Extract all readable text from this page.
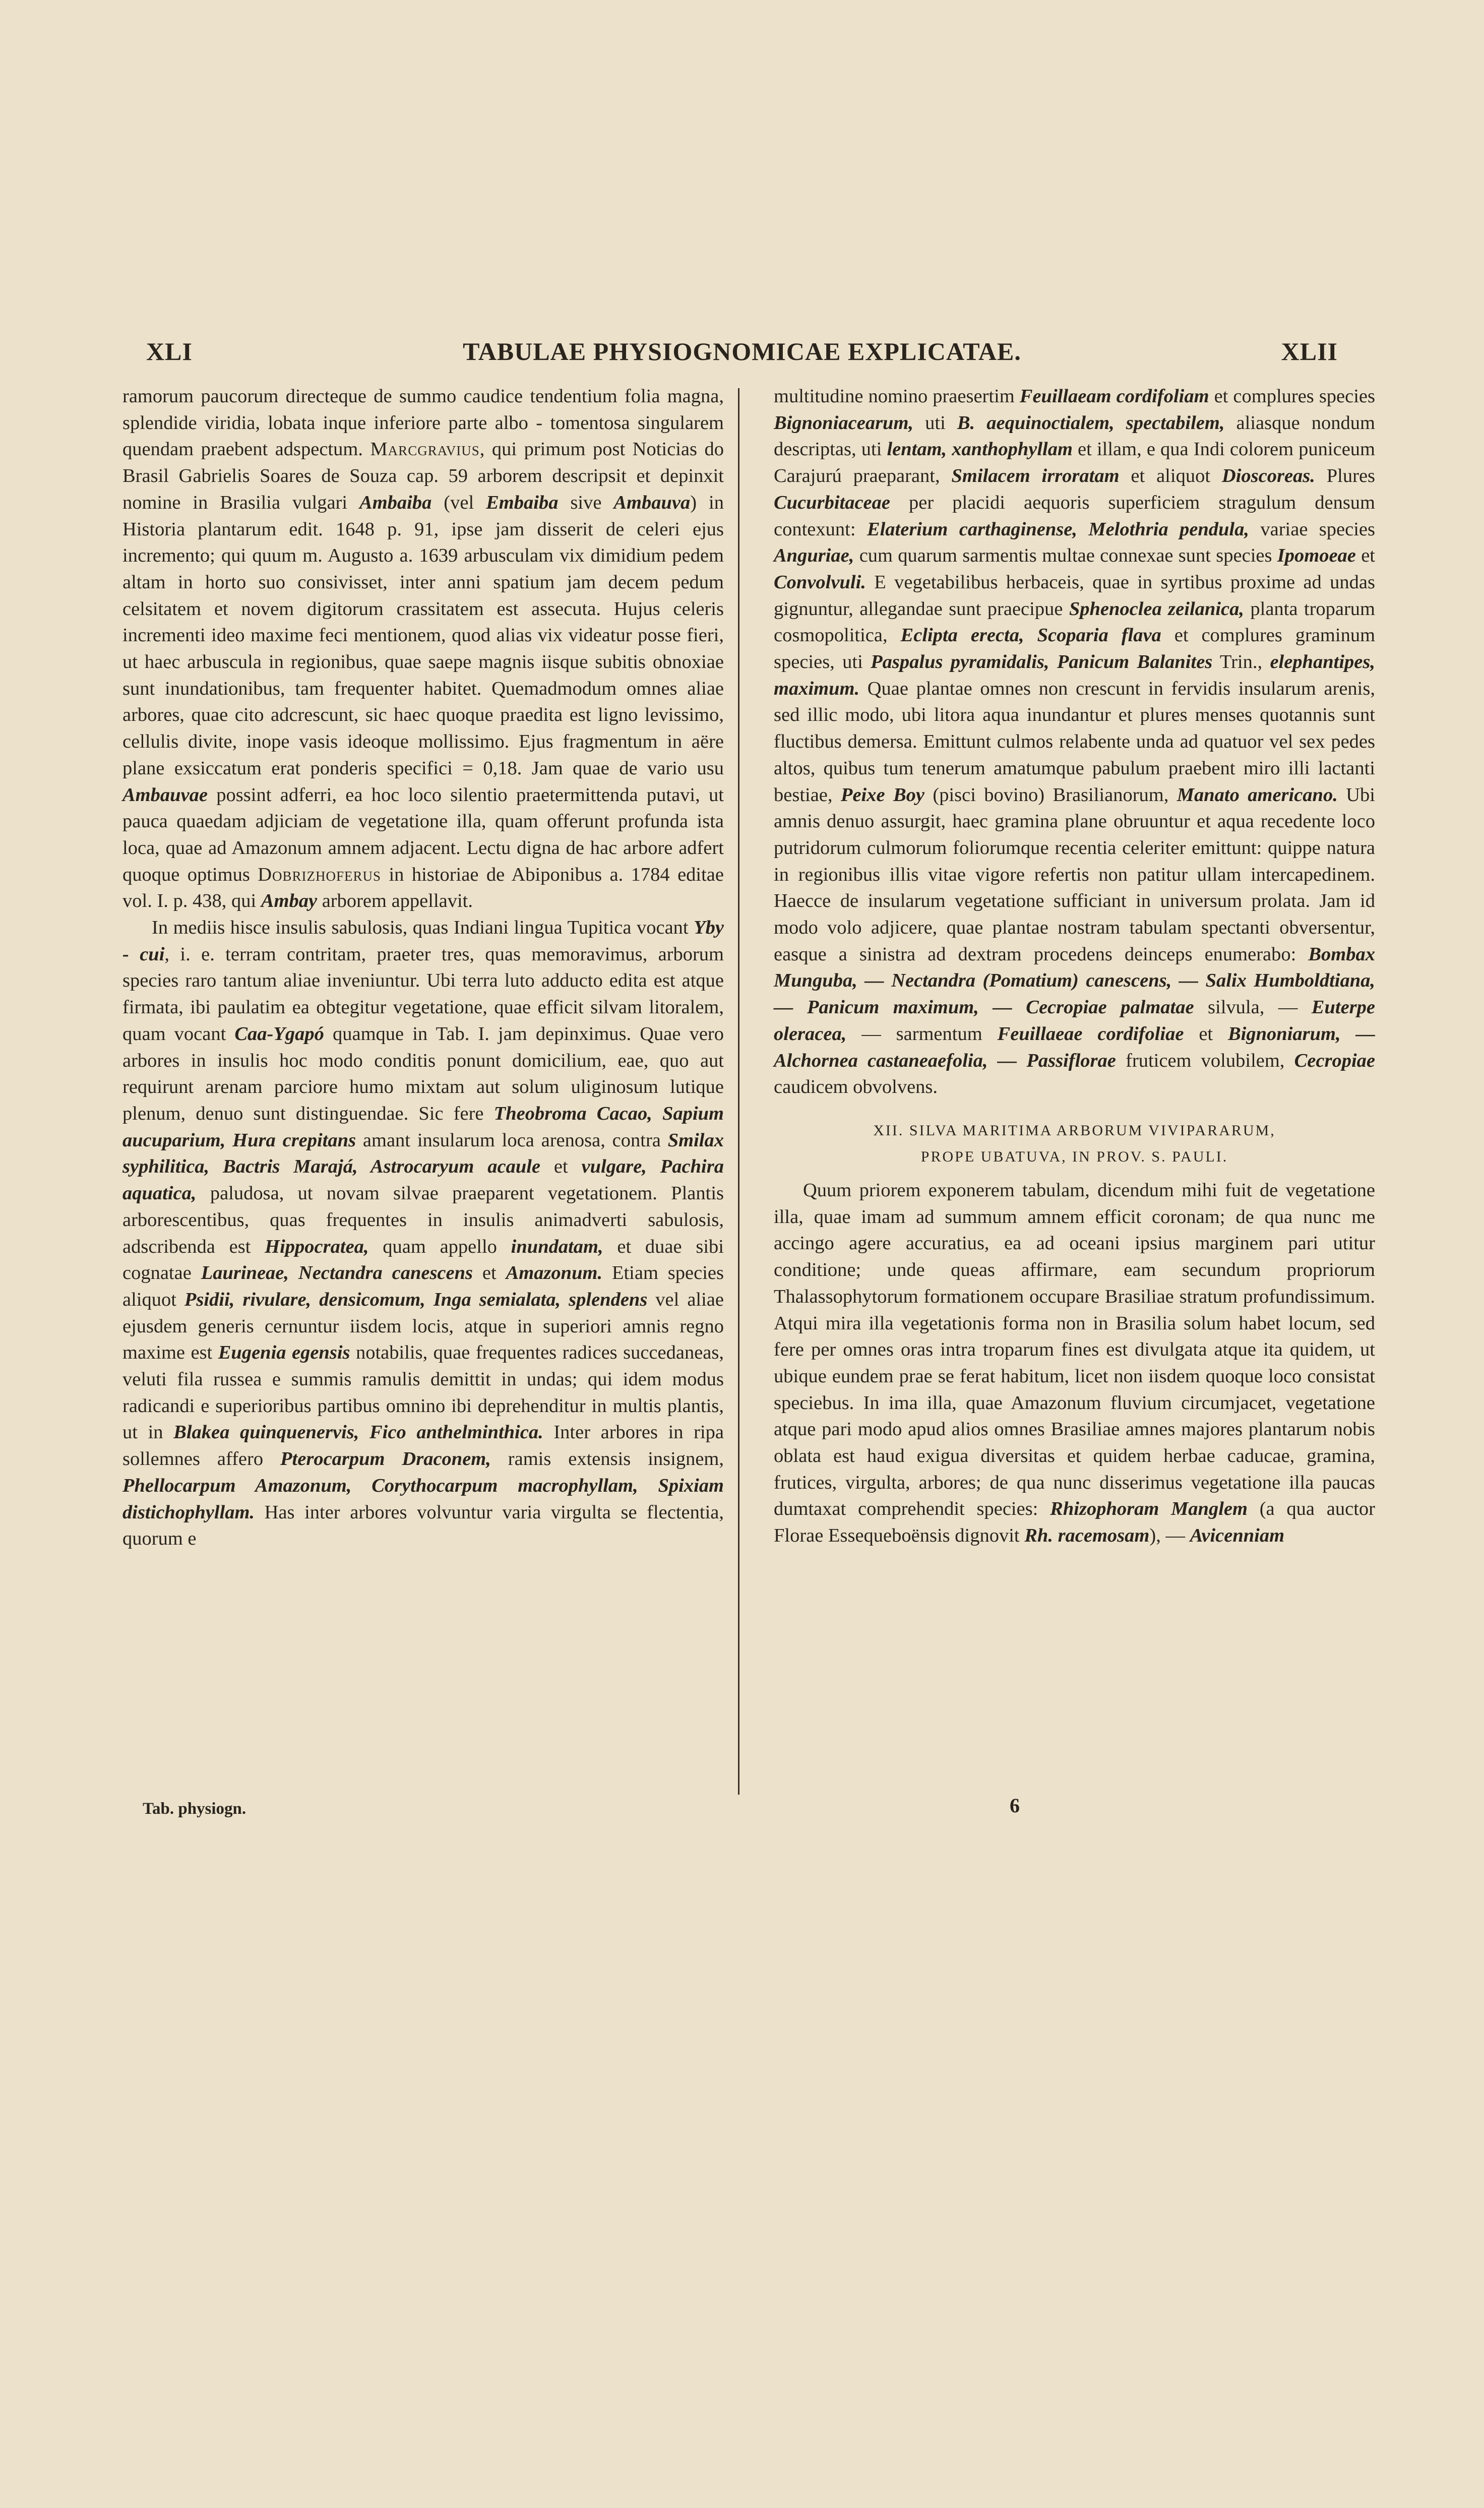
XLI	TABULAE PHYSIOGNOMICAE EXPLICATAE.	XLII

ramorum paucorum directeque de summo caudice tendentium folia magna, splendide viridia, lobata inque inferiore parte albo - tomentosa singularem quendam praebent adspectum. Marcgravius, qui primum post Noticias do Brasil Gabrielis Soares de Souza cap. 59 arborem descripsit et depinxit nomine in Brasilia vulgari Ambaiba (vel Embaiba sive Ambauva) in Historia plantarum edit. 1648 p. 91, ipse jam disserit de celeri ejus incremento; qui quum m. Augusto a. 1639 arbusculam vix dimidium pedem altam in horto suo consivisset, inter anni spatium jam decem pedum celsitatem et novem digitorum crassitatem est assecuta. Hujus celeris incrementi ideo maxime feci mentionem, quod alias vix videatur posse fieri, ut haec arbuscula in regionibus, quae saepe magnis iisque subitis obnoxiae sunt inundationibus, tam frequenter habitet. Quemadmodum omnes aliae arbores, quae cito adcrescunt, sic haec quoque praedita est ligno levissimo, cellulis divite, inope vasis ideoque mollissimo. Ejus fragmentum in aëre plane exsiccatum erat ponderis specifici = 0,18. Jam quae de vario usu Ambauvae possint adferri, ea hoc loco silentio praetermittenda putavi, ut pauca quaedam adjiciam de vegetatione illa, quam offerunt profunda ista loca, quae ad Amazonum amnem adjacent. Lectu digna de hac arbore adfert quoque optimus Dobrizhoferus in historiae de Abiponibus a. 1784 editae vol. I. p. 438, qui Ambay arborem appellavit.

In mediis hisce insulis sabulosis, quas Indiani lingua Tupitica vocant Yby - cui, i. e. terram contritam, praeter tres, quas memoravimus, arborum species raro tantum aliae inveniuntur. Ubi terra luto adducto edita est atque firmata, ibi paulatim ea obtegitur vegetatione, quae efficit silvam litoralem, quam vocant Caa-Ygapó quamque in Tab. I. jam depinximus. Quae vero arbores in insulis hoc modo conditis ponunt domicilium, eae, quo aut requirunt arenam parciore humo mixtam aut solum uliginosum lutique plenum, denuo sunt distinguendae. Sic fere Theobroma Cacao, Sapium aucuparium, Hura crepitans amant insularum loca arenosa, contra Smilax syphilitica, Bactris Marajá, Astrocaryum acaule et vulgare, Pachira aquatica, paludosa, ut novam silvae praeparent vegetationem. Plantis arborescentibus, quas frequentes in insulis animadverti sabulosis, adscribenda est Hippocratea, quam appello inundatam, et duae sibi cognatae Laurineae, Nectandra canescens et Amazonum. Etiam species aliquot Psidii, rivulare, densicomum, Inga semialata, splendens vel aliae ejusdem generis cernuntur iisdem locis, atque in superiori amnis regno maxime est Eugenia egensis notabilis, quae frequentes radices succedaneas, veluti fila russea e summis ramulis demittit in undas; qui idem modus radicandi e superioribus partibus omnino ibi deprehenditur in multis plantis, ut in Blakea quinquenervis, Fico anthelminthica. Inter arbores in ripa sollemnes affero Pterocarpum Draconem, ramis extensis insignem, Phellocarpum Amazonum, Corythocarpum macrophyllam, Spixiam distichophyllam. Has inter arbores volvuntur varia virgulta se flectentia, quorum e

multitudine nomino praesertim Feuillaeam cordifoliam et complures species Bignoniacearum, uti B. aequinoctialem, spectabilem, aliasque nondum descriptas, uti lentam, xanthophyllam et illam, e qua Indi colorem puniceum Carajurú praeparant, Smilacem irroratam et aliquot Dioscoreas. Plures Cucurbitaceae per placidi aequoris superficiem stragulum densum contexunt: Elaterium carthaginense, Melothria pendula, variae species Anguriae, cum quarum sarmentis multae connexae sunt species Ipomoeae et Convolvuli. E vegetabilibus herbaceis, quae in syrtibus proxime ad undas gignuntur, allegandae sunt praecipue Sphenoclea zeilanica, planta troparum cosmopolitica, Eclipta erecta, Scoparia flava et complures graminum species, uti Paspalus pyramidalis, Panicum Balanites Trin., elephantipes, maximum. Quae plantae omnes non crescunt in fervidis insularum arenis, sed illic modo, ubi litora aqua inundantur et plures menses quotannis sunt fluctibus demersa. Emittunt culmos relabente unda ad quatuor vel sex pedes altos, quibus tum tenerum amatumque pabulum praebent miro illi lactanti bestiae, Peixe Boy (pisci bovino) Brasilianorum, Manato americano. Ubi amnis denuo assurgit, haec gramina plane obruuntur et aqua recedente loco putridorum culmorum foliorumque recentia celeriter emittunt: quippe natura in regionibus illis vitae vigore refertis non patitur ullam intercapedinem. Haecce de insularum vegetatione sufficiant in universum prolata. Jam id modo volo adjicere, quae plantae nostram tabulam spectanti obversentur, easque a sinistra ad dextram procedens deinceps enumerabo: Bombax Munguba, — Nectandra (Pomatium) canescens, — Salix Humboldtiana, — Panicum maximum, — Cecropiae palmatae silvula, — Euterpe oleracea, — sarmentum Feuillaeae cordifoliae et Bignoniarum, — Alchornea castaneaefolia, — Passiflorae fruticem volubilem, Cecropiae caudicem obvolvens.

XII. SILVA MARITIMA ARBORUM VIVIPARARUM,
PROPE UBATUVA, IN PROV. S. PAULI.

Quum priorem exponerem tabulam, dicendum mihi fuit de vegetatione illa, quae imam ad summum amnem efficit coronam; de qua nunc me accingo agere accuratius, ea ad oceani ipsius marginem pari utitur conditione; unde queas affirmare, eam secundum propriorum Thalassophytorum formationem occupare Brasiliae stratum profundissimum. Atqui mira illa vegetationis forma non in Brasilia solum habet locum, sed fere per omnes oras intra troparum fines est divulgata atque ita quidem, ut ubique eundem prae se ferat habitum, licet non iisdem quoque loco consistat speciebus. In ima illa, quae Amazonum fluvium circumjacet, vegetatione atque pari modo apud alios omnes Brasiliae amnes majores plantarum nobis oblata est haud exigua diversitas et quidem herbae caducae, gramina, frutices, virgulta, arbores; de qua nunc disserimus vegetatione illa paucas dumtaxat comprehendit species: Rhizophoram Manglem (a qua auctor Florae Essequeboënsis dignovit Rh. racemosam), — Avicenniam

Tab. physiogn.	6
